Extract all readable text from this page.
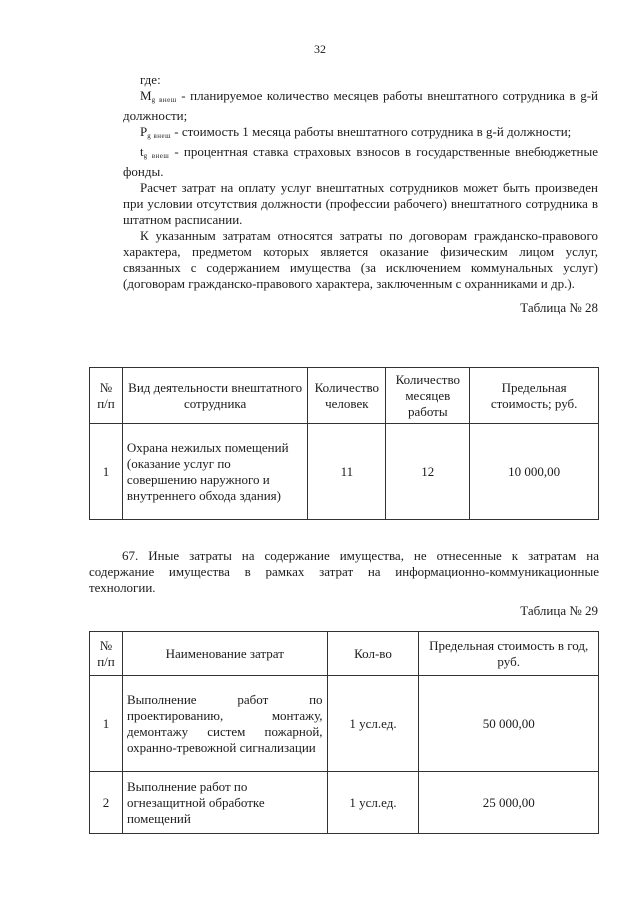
32

где:

$M_{g внеш}$ - планируемое количество месяцев работы внештатного сотрудника в g-й должности;

$P_{g внеш}$ - стоимость 1 месяца работы внештатного сотрудника в g-й должности;

$t_{g внеш}$ - процентная ставка страховых взносов в государственные внебюджетные фонды.

Расчет затрат на оплату услуг внештатных сотрудников может быть произведен при условии отсутствия должности (профессии рабочего) внештатного сотрудника в штатном расписании.

К указанным затратам относятся затраты по договорам гражданско-правового характера, предметом которых является оказание физическим лицом услуг, связанных с содержанием имущества (за исключением коммунальных услуг) (договорам гражданско-правового характера, заключенным с охранниками и др.).

Таблица № 28

№ п/п	Вид деятельности внештатного сотрудника	Количество человек	Количество месяцев работы	Предельная стоимость; руб.
1	Охрана нежилых помещений (оказание услуг по совершению наружного и внутреннего обхода здания)	11	12	10 000,00

67. Иные затраты на содержание имущества, не отнесенные к затратам на содержание имущества в рамках затрат на информационно-коммуникационные технологии.

Таблица № 29

№ п/п	Наименование затрат	Кол-во	Предельная стоимость в год, руб.
1	Выполнение работ по проектированию, монтажу, демонтажу систем пожарной, охранно-тревожной сигнализации	1 усл.ед.	50 000,00
2	Выполнение работ по огнезащитной обработке помещений	1 усл.ед.	25 000,00
